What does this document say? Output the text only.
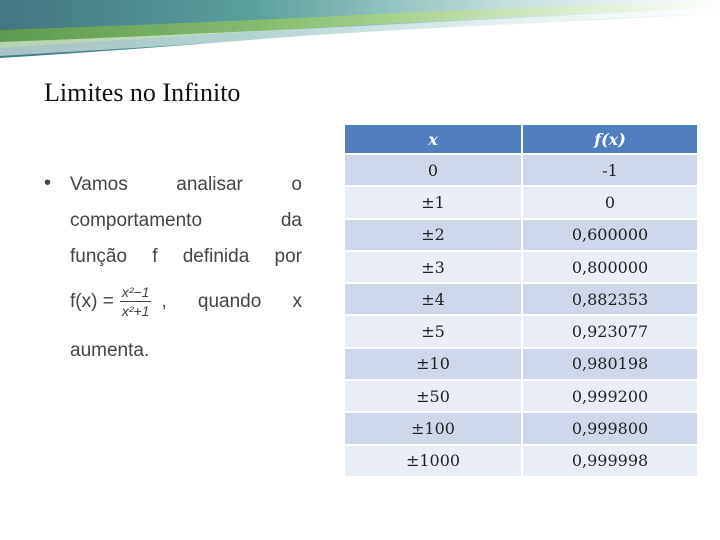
Limites no Infinito
• Vamos	analisar	o
comportamento	da
função f definida por
$f(x) = \frac{\text{x²−1}}{\text{x²+1}}$ , quando x
aumenta.
x	f(x)
0	-1
±1	0
±2	0,600000
±3	0,800000
±4	0,882353
±5	0,923077
±10	0,980198
±50	0,999200
±100	0,999800
±1000	0,999998
